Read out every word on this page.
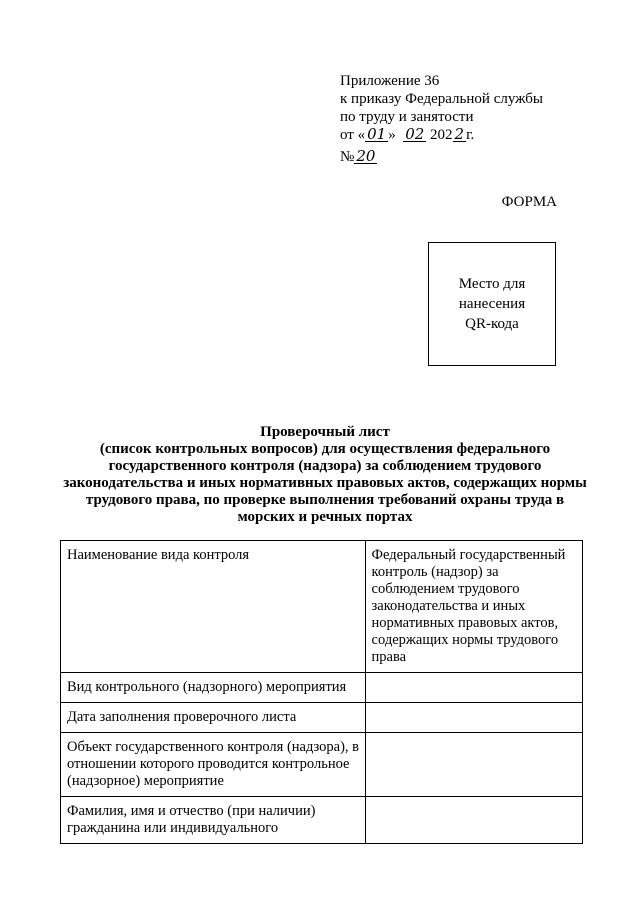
Приложение 36
к приказу Федеральной службы
по труду и занятости
от « 01 » 02 202 2 г.
№ 20
ФОРМА
Место для
нанесения
QR-кода
Проверочный лист
(список контрольных вопросов) для осуществления федерального
государственного контроля (надзора) за соблюдением трудового
законодательства и иных нормативных правовых актов, содержащих нормы
трудового права, по проверке выполнения требований охраны труда в
морских и речных портах
Наименование вида контроля	Федеральный государственный контроль (надзор) за соблюдением трудового законодательства и иных нормативных правовых актов, содержащих нормы трудового права
Вид контрольного (надзорного) мероприятия	
Дата заполнения проверочного листа	
Объект государственного контроля (надзора), в отношении которого проводится контрольное (надзорное) мероприятие	
Фамилия, имя и отчество (при наличии) гражданина или индивидуального	
